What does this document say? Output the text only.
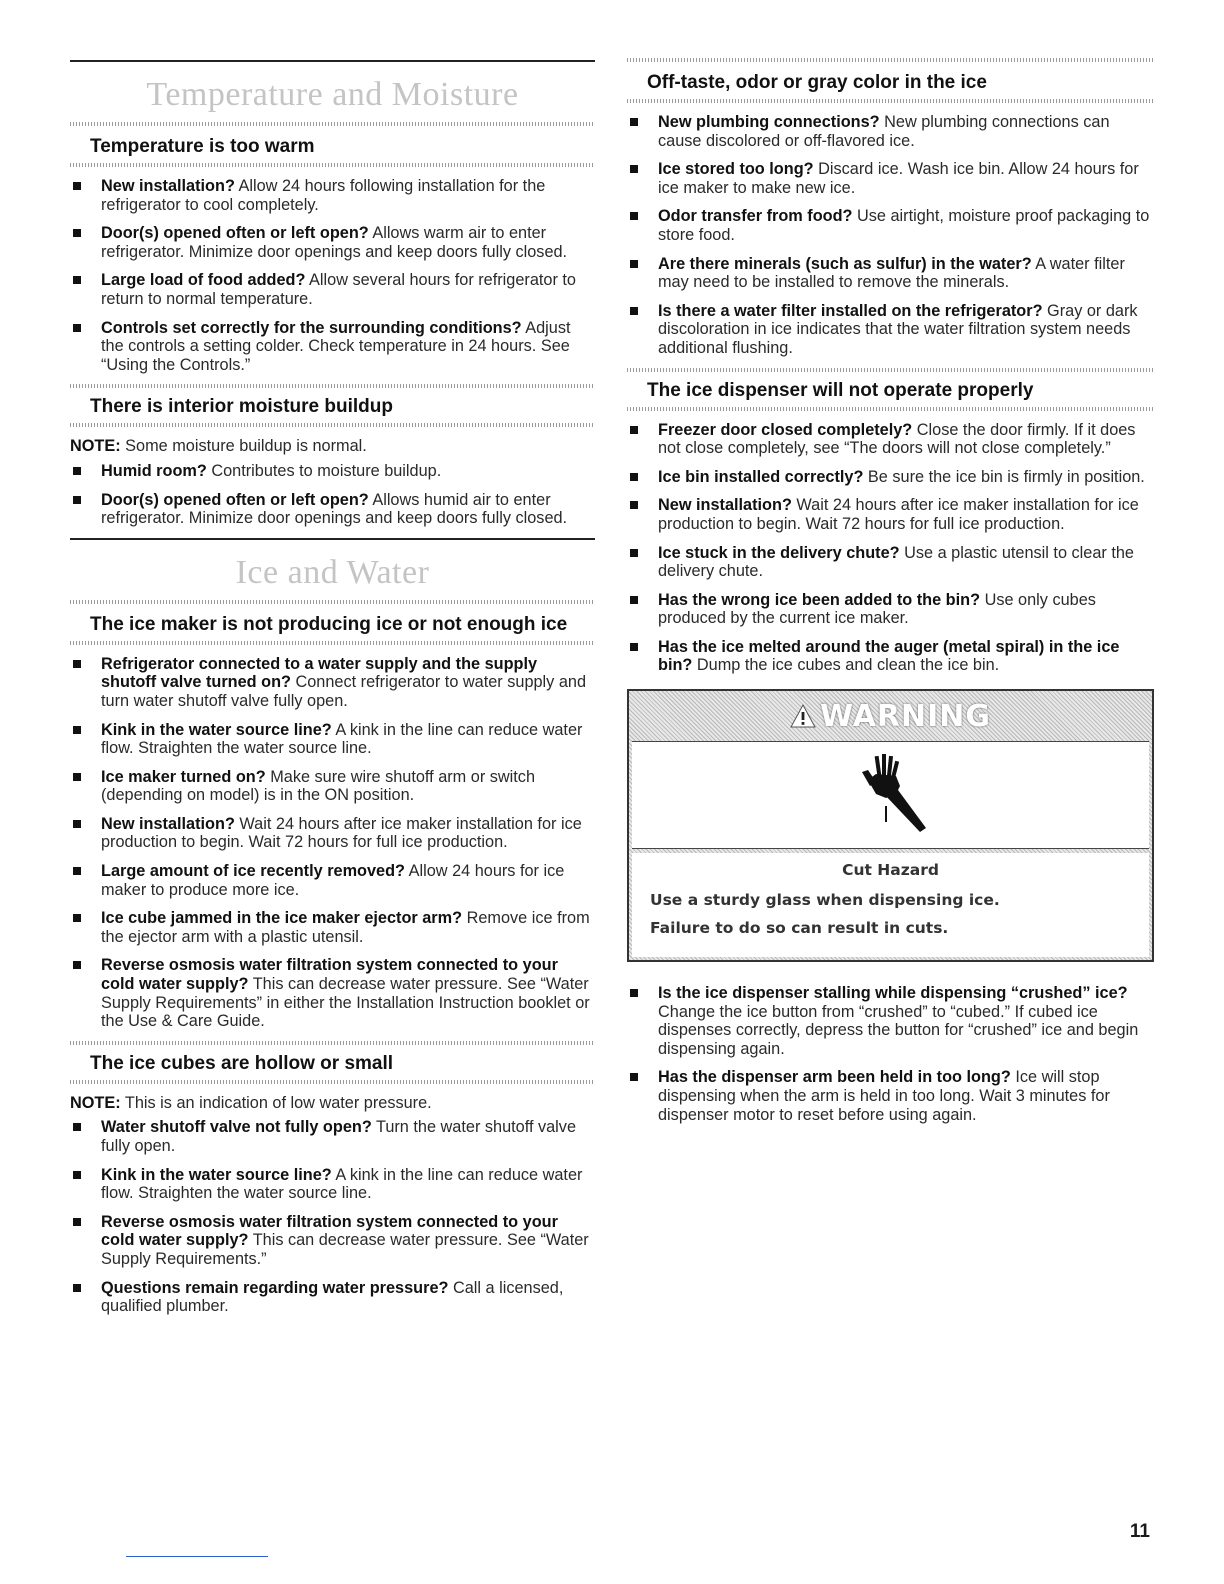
Temperature and Moisture
Temperature is too warm
New installation? Allow 24 hours following installation for the refrigerator to cool completely.
Door(s) opened often or left open? Allows warm air to enter refrigerator. Minimize door openings and keep doors fully closed.
Large load of food added? Allow several hours for refrigerator to return to normal temperature.
Controls set correctly for the surrounding conditions? Adjust the controls a setting colder. Check temperature in 24 hours. See “Using the Controls.”
There is interior moisture buildup

NOTE: Some moisture buildup is normal.

Humid room? Contributes to moisture buildup.
Door(s) opened often or left open? Allows humid air to enter refrigerator. Minimize door openings and keep doors fully closed.
Ice and Water
The ice maker is not producing ice or not enough ice
Refrigerator connected to a water supply and the supply shutoff valve turned on? Connect refrigerator to water supply and turn water shutoff valve fully open.
Kink in the water source line? A kink in the line can reduce water flow. Straighten the water source line.
Ice maker turned on? Make sure wire shutoff arm or switch (depending on model) is in the ON position.
New installation? Wait 24 hours after ice maker installation for ice production to begin. Wait 72 hours for full ice production.
Large amount of ice recently removed? Allow 24 hours for ice maker to produce more ice.
Ice cube jammed in the ice maker ejector arm? Remove ice from the ejector arm with a plastic utensil.
Reverse osmosis water filtration system connected to your cold water supply? This can decrease water pressure. See “Water Supply Requirements” in either the Installation Instruction booklet or the Use & Care Guide.
The ice cubes are hollow or small

NOTE: This is an indication of low water pressure.

Water shutoff valve not fully open? Turn the water shutoff valve fully open.
Kink in the water source line? A kink in the line can reduce water flow. Straighten the water source line.
Reverse osmosis water filtration system connected to your cold water supply? This can decrease water pressure. See “Water Supply Requirements.”
Questions remain regarding water pressure? Call a licensed, qualified plumber.
Off-taste, odor or gray color in the ice
New plumbing connections? New plumbing connections can cause discolored or off-flavored ice.
Ice stored too long? Discard ice. Wash ice bin. Allow 24 hours for ice maker to make new ice.
Odor transfer from food? Use airtight, moisture proof packaging to store food.
Are there minerals (such as sulfur) in the water? A water filter may need to be installed to remove the minerals.
Is there a water filter installed on the refrigerator? Gray or dark discoloration in ice indicates that the water filtration system needs additional flushing.
The ice dispenser will not operate properly
Freezer door closed completely? Close the door firmly. If it does not close completely, see “The doors will not close completely.”
Ice bin installed correctly? Be sure the ice bin is firmly in position.
New installation? Wait 24 hours after ice maker installation for ice production to begin. Wait 72 hours for full ice production.
Ice stuck in the delivery chute? Use a plastic utensil to clear the delivery chute.
Has the wrong ice been added to the bin? Use only cubes produced by the current ice maker.
Has the ice melted around the auger (metal spiral) in the ice bin? Dump the ice cubes and clean the ice bin.
WARNING
Cut Hazard
Use a sturdy glass when dispensing ice.
Failure to do so can result in cuts.
Is the ice dispenser stalling while dispensing “crushed” ice? Change the ice button from “crushed” to “cubed.” If cubed ice dispenses correctly, depress the button for “crushed” ice and begin dispensing again.
Has the dispenser arm been held in too long? Ice will stop dispensing when the arm is held in too long. Wait 3 minutes for dispenser motor to reset before using again.
11
